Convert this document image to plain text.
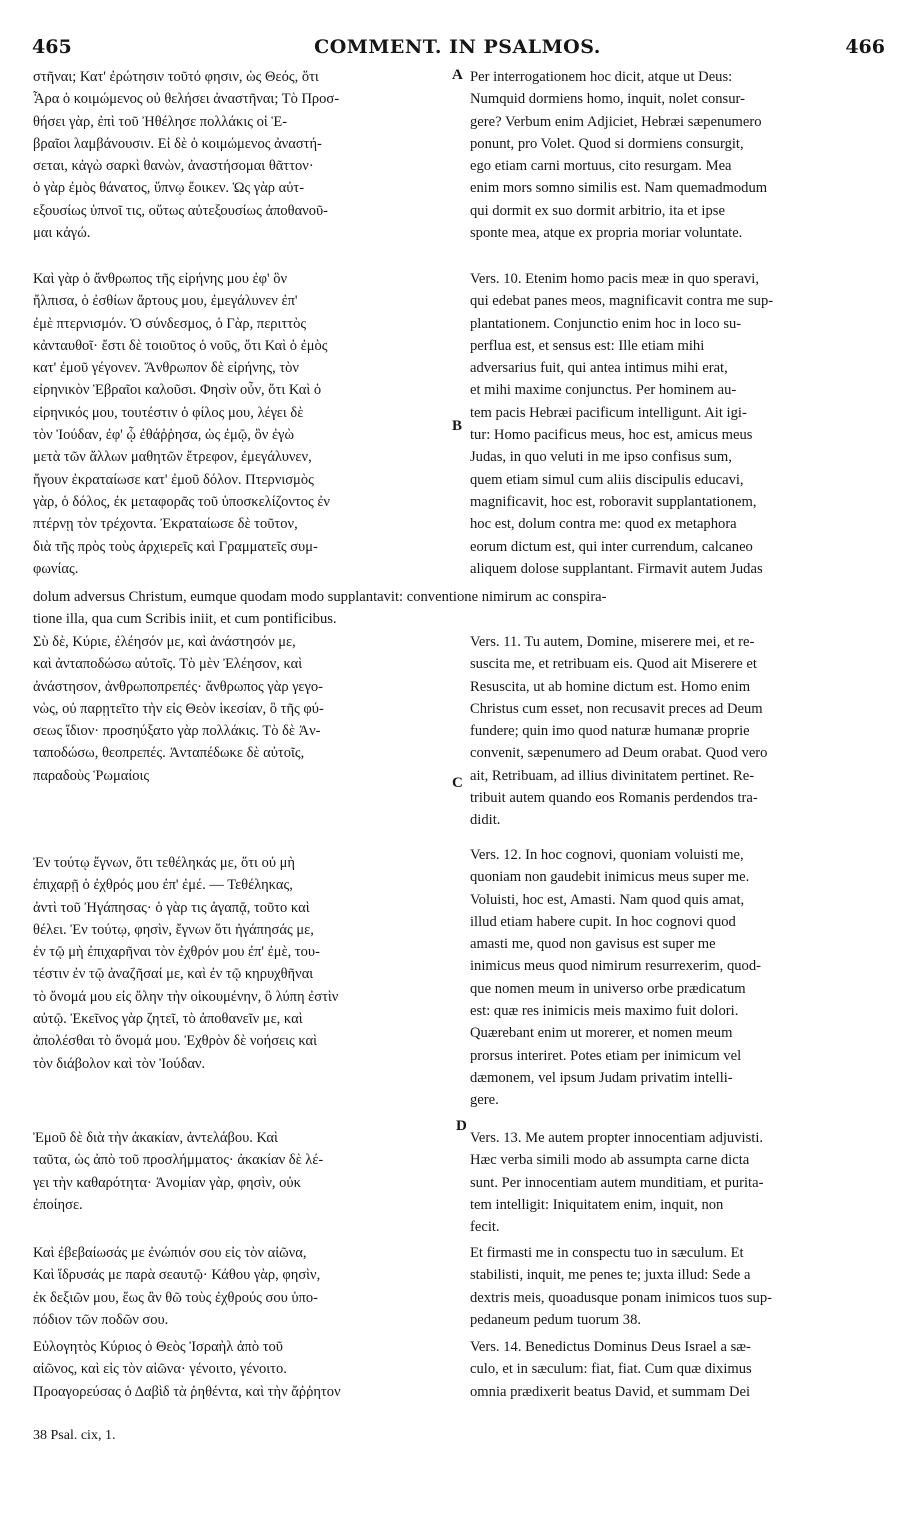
465	COMMENT. IN PSALMOS.	466
A
B
C
D
στῆναι; Κατ' ἐρώτησιν τοῦτό φησιν, ὡς Θεός, ὅτι
Ἆρα ὁ κοιμώμενος οὐ θελήσει ἀναστῆναι; Τὸ Προσ-
θήσει γὰρ, ἐπὶ τοῦ Ἠθέλησε πολλάκις οἱ Ἑ-
βραῖοι λαμβάνουσιν. Εἰ δὲ ὁ κοιμώμενος ἀναστή-
σεται, κἀγὼ σαρκὶ θανὼν, ἀναστήσομαι θᾶττον·
ὁ γὰρ ἐμὸς θάνατος, ὕπνῳ ἔοικεν. Ὡς γὰρ αὐτ-
εξουσίως ὑπνοῖ τις, οὕτως αὐτεξουσίως ἀποθανοῦ-
μαι κἀγώ.
Καὶ γὰρ ὁ ἄνθρωπος τῆς εἰρήνης μου ἐφ' ὃν
ἤλπισα, ὁ ἐσθίων ἄρτους μου, ἐμεγάλυνεν ἐπ'
ἐμὲ πτερνισμόν. Ὁ σύνδεσμος, ὁ Γὰρ, περιττὸς
κἀνταυθοῖ· ἔστι δὲ τοιοῦτος ὁ νοῦς, ὅτι Καὶ ὁ ἐμὸς
κατ' ἐμοῦ γέγονεν. Ἄνθρωπον δὲ εἰρήνης, τὸν
εἰρηνικὸν Ἑβραῖοι καλοῦσι. Φησὶν οὖν, ὅτι Καὶ ὁ
εἰρηνικός μου, τουτέστιν ὁ φίλος μου, λέγει δὲ
τὸν Ἰούδαν, ἐφ' ᾧ ἐθάῤῥησα, ὡς ἐμῷ, ὃν ἐγὼ
μετὰ τῶν ἄλλων μαθητῶν ἔτρεφον, ἐμεγάλυνεν,
ἤγουν ἐκραταίωσε κατ' ἐμοῦ δόλον. Πτερνισμὸς
γὰρ, ὁ δόλος, ἐκ μεταφορᾶς τοῦ ὑποσκελίζοντος ἐν
πτέρνῃ τὸν τρέχοντα. Ἐκραταίωσε δὲ τοῦτον,
διὰ τῆς πρὸς τοὺς ἀρχιερεῖς καὶ Γραμματεῖς συμ-
φωνίας.
Σὺ δὲ, Κύριε, ἐλέησόν με, καὶ ἀνάστησόν με,
καὶ ἀνταποδώσω αὐτοῖς. Τὸ μὲν Ἐλέησον, καὶ
ἀνάστησον, ἀνθρωποπρεπές· ἄνθρωπος γὰρ γεγο-
νὼς, οὐ παρῃτεῖτο τὴν εἰς Θεὸν ἱκεσίαν, ὃ τῆς φύ-
σεως ἴδιον· προσηύξατο γὰρ πολλάκις. Τὸ δὲ Ἀν-
ταποδώσω, θεοπρεπές. Ἀνταπέδωκε δὲ αὐτοῖς,
παραδοὺς Ῥωμαίοις
Ἐν τούτῳ ἔγνων, ὅτι τεθέληκάς με, ὅτι οὐ μὴ
ἐπιχαρῇ ὁ ἐχθρός μου ἐπ' ἐμέ. — Τεθέληκας,
ἀντὶ τοῦ Ἠγάπησας· ὁ γὰρ τις ἀγαπᾷ, τοῦτο καὶ
θέλει. Ἐν τούτῳ, φησὶν, ἔγνων ὅτι ἠγάπησάς με,
ἐν τῷ μὴ ἐπιχαρῆναι τὸν ἐχθρόν μου ἐπ' ἐμὲ, του-
τέστιν ἐν τῷ ἀναζῆσαί με, καὶ ἐν τῷ κηρυχθῆναι
τὸ ὄνομά μου εἰς ὅλην τὴν οἰκουμένην, ὃ λύπη ἐστὶν
αὐτῷ. Ἐκεῖνος γὰρ ζητεῖ, τὸ ἀποθανεῖν με, καὶ
ἀπολέσθαι τὸ ὄνομά μου. Ἐχθρὸν δὲ νοήσεις καὶ
τὸν διάβολον καὶ τὸν Ἰούδαν.
Ἐμοῦ δὲ διὰ τὴν ἀκακίαν, ἀντελάβου. Καὶ
ταῦτα, ὡς ἀπὸ τοῦ προσλήμματος· ἀκακίαν δὲ λέ-
γει τὴν καθαρότητα· Ἀνομίαν γὰρ, φησὶν, οὐκ
ἐποίησε.
Καὶ ἐβεβαίωσάς με ἐνώπιόν σου εἰς τὸν αἰῶνα,
Καὶ ἵδρυσάς με παρὰ σεαυτῷ· Κάθου γὰρ, φησὶν,
ἐκ δεξιῶν μου, ἕως ἂν θῶ τοὺς ἐχθρούς σου ὑπο-
πόδιον τῶν ποδῶν σου.
Εὐλογητὸς Κύριος ὁ Θεὸς Ἰσραὴλ ἀπὸ τοῦ
αἰῶνος, καὶ εἰς τὸν αἰῶνα· γένοιτο, γένοιτο.
Προαγορεύσας ὁ Δαβὶδ τὰ ῥηθέντα, καὶ τὴν ἄῤῥητον
Per interrogationem hoc dicit, atque ut Deus:
Numquid dormiens homo, inquit, nolet consur-
gere? Verbum enim Adjiciet, Hebræi sæpenumero
ponunt, pro Volet. Quod si dormiens consurgit,
ego etiam carni mortuus, cito resurgam. Mea
enim mors somno similis est. Nam quemadmodum
qui dormit ex suo dormit arbitrio, ita et ipse
sponte mea, atque ex propria moriar voluntate.
Vers. 10. Etenim homo pacis meæ in quo speravi,
qui edebat panes meos, magnificavit contra me sup-
plantationem. Conjunctio enim hoc in loco su-
perflua est, et sensus est: Ille etiam mihi
adversarius fuit, qui antea intimus mihi erat,
et mihi maxime conjunctus. Per hominem au-
tem pacis Hebræi pacificum intelligunt. Ait igi-
tur: Homo pacificus meus, hoc est, amicus meus
Judas, in quo veluti in me ipso confisus sum,
quem etiam simul cum aliis discipulis educavi,
magnificavit, hoc est, roboravit supplantationem,
hoc est, dolum contra me: quod ex metaphora
eorum dictum est, qui inter currendum, calcaneo
aliquem dolose supplantant. Firmavit autem Judas
dolum adversus Christum, eumque quodam modo supplantavit: conventione nimirum ac conspira-
tione illa, qua cum Scribis iniit, et cum pontificibus.
Vers. 11. Tu autem, Domine, miserere mei, et re-
suscita me, et retribuam eis. Quod ait Miserere et
Resuscita, ut ab homine dictum est. Homo enim
Christus cum esset, non recusavit preces ad Deum
fundere; quin imo quod naturæ humanæ proprie
convenit, sæpenumero ad Deum orabat. Quod vero
ait, Retribuam, ad illius divinitatem pertinet. Re-
tribuit autem quando eos Romanis perdendos tra-
didit.
Vers. 12. In hoc cognovi, quoniam voluisti me,
quoniam non gaudebit inimicus meus super me.
Voluisti, hoc est, Amasti. Nam quod quis amat,
illud etiam habere cupit. In hoc cognovi quod
amasti me, quod non gavisus est super me
inimicus meus quod nimirum resurrexerim, quod-
que nomen meum in universo orbe prædicatum
est: quæ res inimicis meis maximo fuit dolori.
Quærebant enim ut morerer, et nomen meum
prorsus interiret. Potes etiam per inimicum vel
dæmonem, vel ipsum Judam privatim intelli-
gere.
Vers. 13. Me autem propter innocentiam adjuvisti.
Hæc verba simili modo ab assumpta carne dicta
sunt. Per innocentiam autem munditiam, et purita-
tem intelligit: Iniquitatem enim, inquit, non
fecit.
Et firmasti me in conspectu tuo in sæculum. Et
stabilisti, inquit, me penes te; juxta illud: Sede a
dextris meis, quoadusque ponam inimicos tuos sup-
pedaneum pedum tuorum 38.
Vers. 14. Benedictus Dominus Deus Israel a sæ-
culo, et in sæculum: fiat, fiat. Cum quæ diximus
omnia prædixerit beatus David, et summam Dei
38 Psal. cix, 1.
